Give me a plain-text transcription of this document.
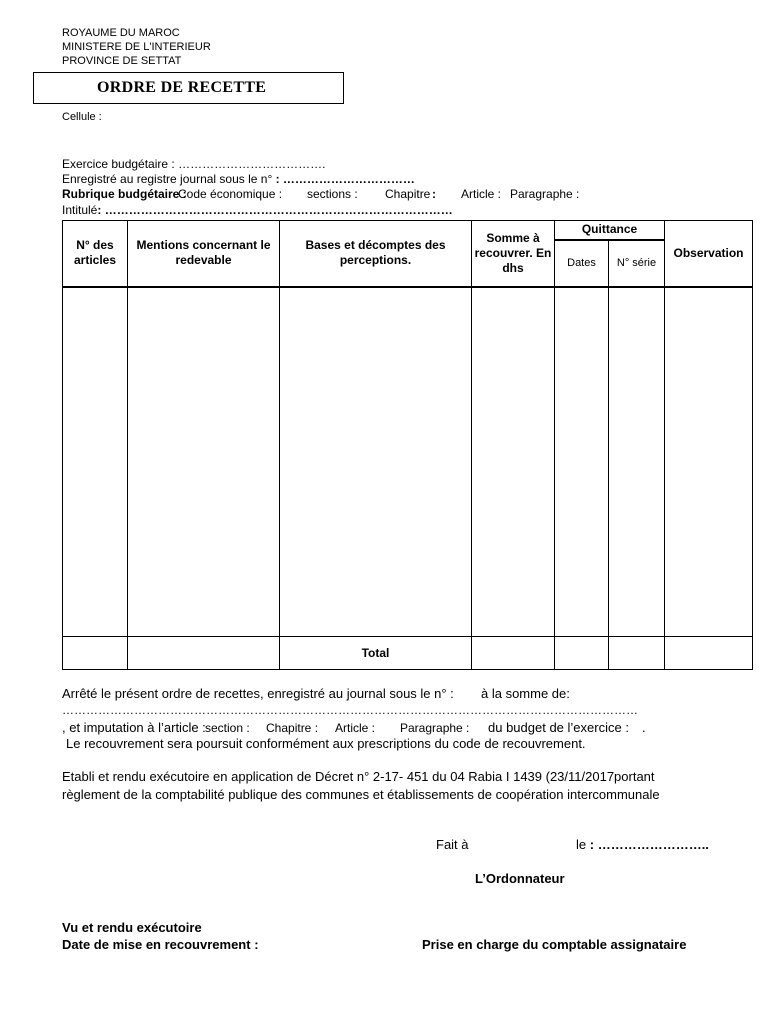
ROYAUME DU MAROC
MINISTERE DE L'INTERIEUR
PROVINCE DE SETTAT
Cellule :
ORDRE DE RECETTE
Exercice budgétaire : ……………………………….
Enregistré au registre journal sous le n° : ……………………………
Rubrique budgétaire :
Code économique : sections : Chapitre : Article : Paragraphe :
Intitulé: ……………………………………………………………………………
N° des articles	Mentions concernant le redevable	Bases et décomptes des perceptions.	Somme à recouvrer. En dhs	Quittance		Observation
				Dates	N° série	

		Total				
Arrêté le présent ordre de recettes, enregistré au journal sous le n° : à la somme de:
………………………………………………………………………………………………………………………………
, et imputation à l’article : section : Chapitre : Article : Paragraphe : du budget de l’exercice : .
Le recouvrement sera poursuit conformément aux prescriptions du code de recouvrement.
Etabli et rendu exécutoire en application de Décret n° 2-17- 451 du 04 Rabia I 1439 (23/11/2017portant
règlement de la comptabilité publique des communes et établissements de coopération intercommunale
Fait à	le : ……………………..
L’Ordonnateur
Vu et rendu exécutoire
Date de mise en recouvrement :	Prise en charge du comptable assignataire
